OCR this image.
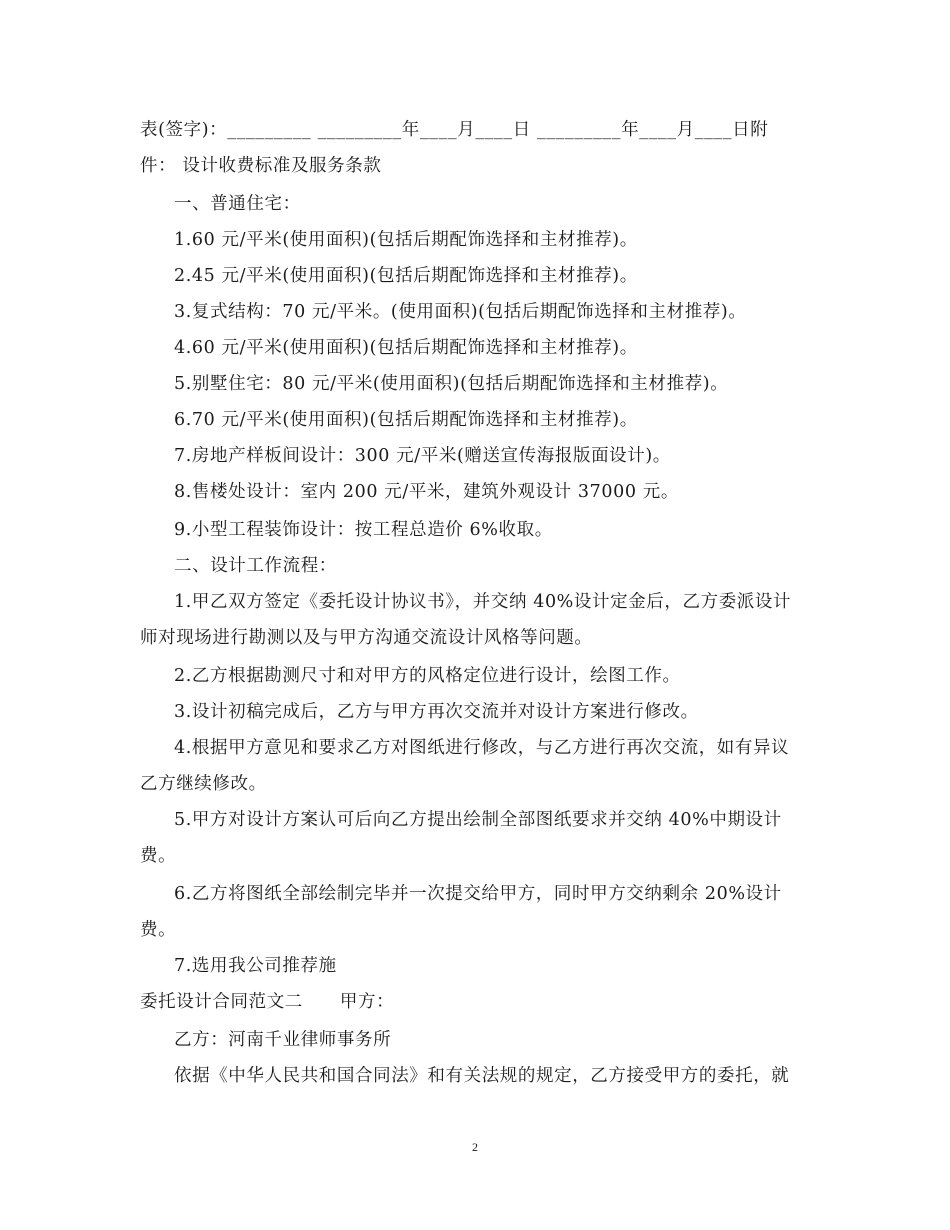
表(签字)：_________ _________年____月____日 _________年____月____日附
件： 设计收费标准及服务条款
一、普通住宅：
1.60 元/平米(使用面积)(包括后期配饰选择和主材推荐)。
2.45 元/平米(使用面积)(包括后期配饰选择和主材推荐)。
3.复式结构：70 元/平米。(使用面积)(包括后期配饰选择和主材推荐)。
4.60 元/平米(使用面积)(包括后期配饰选择和主材推荐)。
5.别墅住宅：80 元/平米(使用面积)(包括后期配饰选择和主材推荐)。
6.70 元/平米(使用面积)(包括后期配饰选择和主材推荐)。
7.房地产样板间设计：300 元/平米(赠送宣传海报版面设计)。
8.售楼处设计：室内 200 元/平米，建筑外观设计 37000 元。
9.小型工程装饰设计：按工程总造价 6%收取。
二、设计工作流程：
1.甲乙双方签定《委托设计协议书》，并交纳 40%设计定金后，乙方委派设计
师对现场进行勘测以及与甲方沟通交流设计风格等问题。
2.乙方根据勘测尺寸和对甲方的风格定位进行设计，绘图工作。
3.设计初稿完成后，乙方与甲方再次交流并对设计方案进行修改。
4.根据甲方意见和要求乙方对图纸进行修改，与乙方进行再次交流，如有异议
乙方继续修改。
5.甲方对设计方案认可后向乙方提出绘制全部图纸要求并交纳 40%中期设计
费。
6.乙方将图纸全部绘制完毕并一次提交给甲方，同时甲方交纳剩余 20%设计
费。
7.选用我公司推荐施
委托设计合同范文二      甲方：
乙方：河南千业律师事务所
依据《中华人民共和国合同法》和有关法规的规定，乙方接受甲方的委托，就
2
